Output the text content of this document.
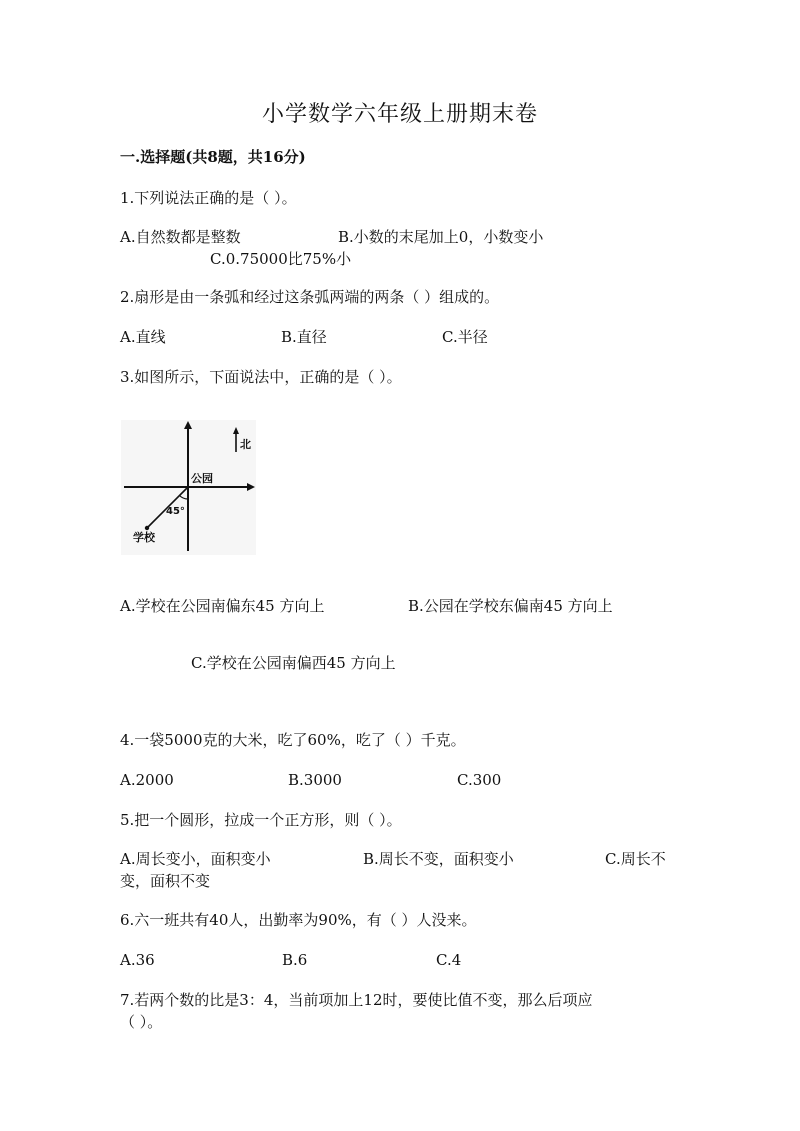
小学数学六年级上册期末卷
一.选择题(共8题，共16分)
1.下列说法正确的是（ ）。
A.自然数都是整数	B.小数的末尾加上0，小数变小
C.0.75000比75%小
2.扇形是由一条弧和经过这条弧两端的两条（ ）组成的。
A.直线	B.直径	C.半径
3.如图所示，下面说法中，正确的是（ ）。
北
公园
学校
45°
A.学校在公园南偏东45 方向上	B.公园在学校东偏南45 方向上
C.学校在公园南偏西45 方向上
4.一袋5000克的大米，吃了60%，吃了（ ）千克。
A.2000	B.3000	C.300
5.把一个圆形，拉成一个正方形，则（ ）。
A.周长变小，面积变小	B.周长不变，面积变小	C.周长不
变，面积不变
6.六一班共有40人，出勤率为90%，有（ ）人没来。
A.36	B.6	C.4
7.若两个数的比是3：4，当前项加上12时，要使比值不变，那么后项应
（ ）。
